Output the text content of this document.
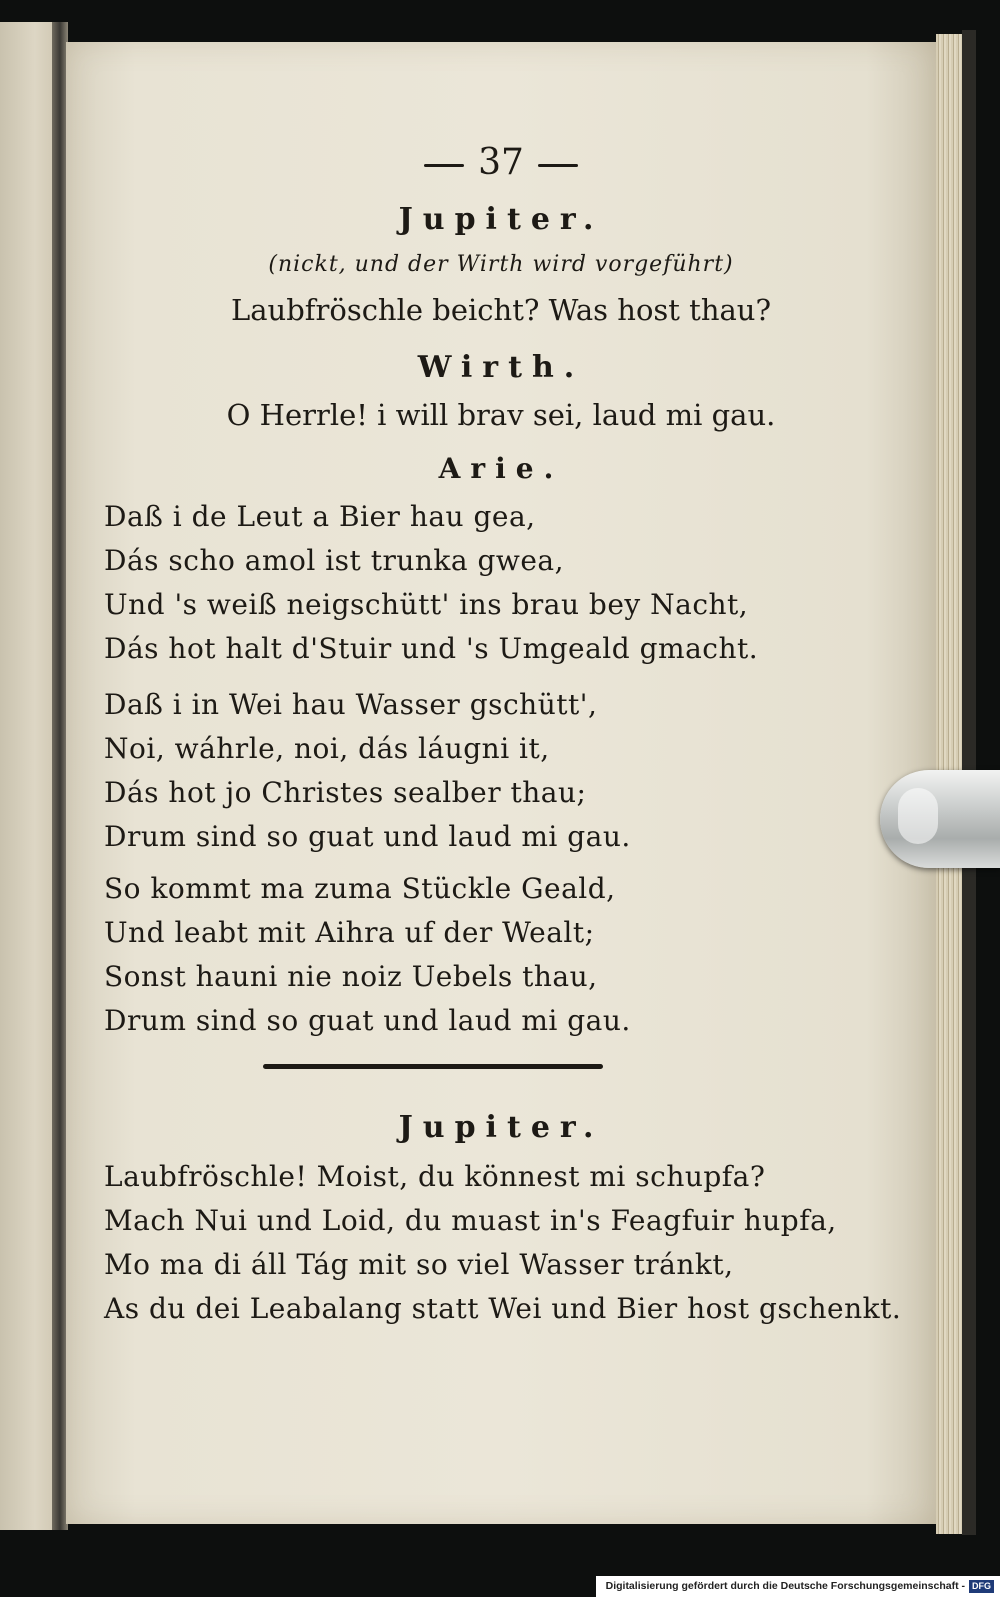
37
Jupiter.
(nickt, und der Wirth wird vorgeführt)
Laubfröschle beicht? Was host thau?
Wirth.
O Herrle! i will brav sei, laud mi gau.
Arie.
Daß i de Leut a Bier hau gea,
Dás scho amol ist trunka gwea,
Und 's weiß neigschütt' ins brau bey Nacht,
Dás hot halt d'Stuir und 's Umgeald gmacht.
Daß i in Wei hau Wasser gschütt',
Noi, wáhrle, noi, dás láugni it,
Dás hot jo Christes sealber thau;
Drum sind so guat und laud mi gau.
So kommt ma zuma Stückle Geald,
Und leabt mit Aihra uf der Wealt;
Sonst hauni nie noiz Uebels thau,
Drum sind so guat und laud mi gau.
Jupiter.
Laubfröschle! Moist, du könnest mi schupfa?
Mach Nui und Loid, du muast in's Feagfuir hupfa,
Mo ma di áll Tág mit so viel Wasser tránkt,
As du dei Leabalang statt Wei und Bier host gschenkt.
Digitalisierung gefördert durch die Deutsche Forschungsgemeinschaft - DFG
